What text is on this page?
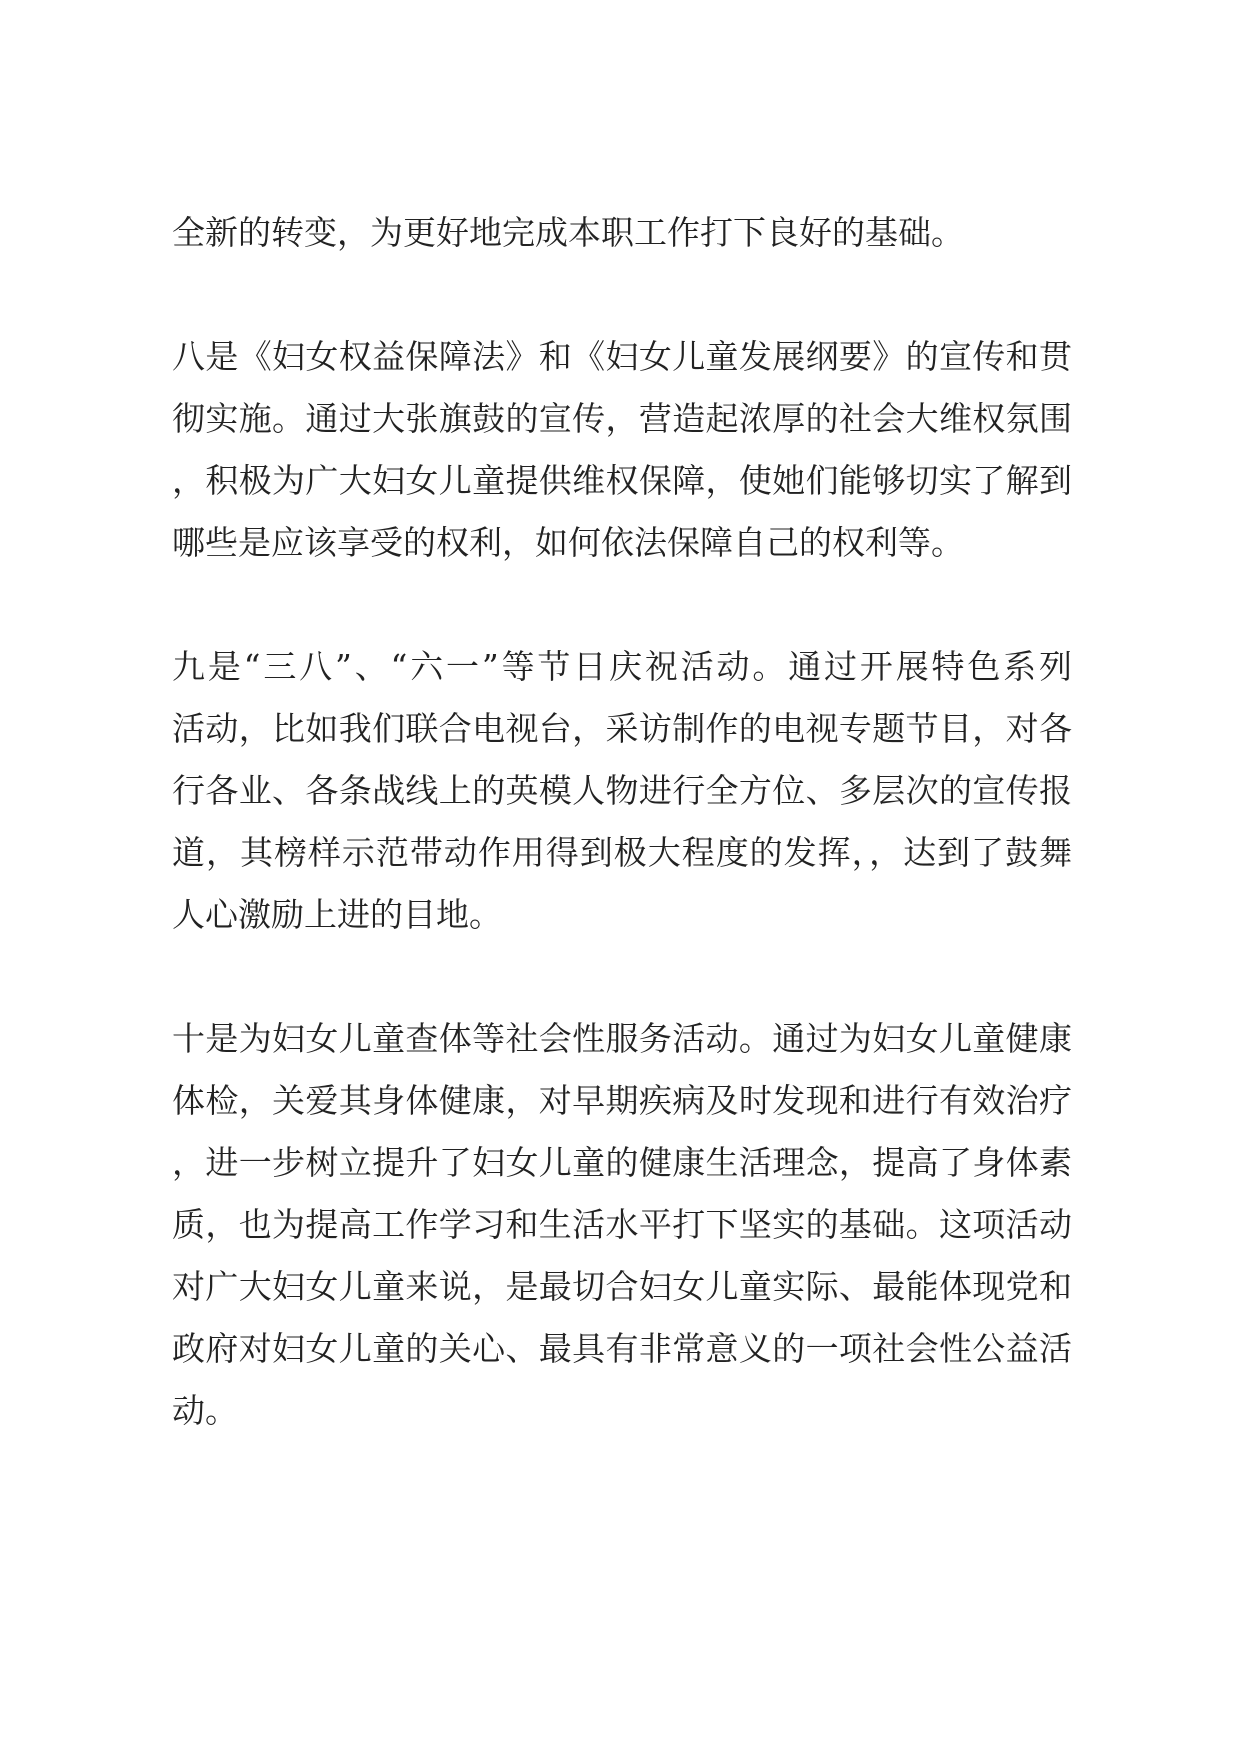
全新的转变，为更好地完成本职工作打下良好的基础。
八是《妇女权益保障法》和《妇女儿童发展纲要》的宣传和贯
彻实施。通过大张旗鼓的宣传，营造起浓厚的社会大维权氛围
，积极为广大妇女儿童提供维权保障，使她们能够切实了解到
哪些是应该享受的权利，如何依法保障自己的权利等。
九是“三八”、“六一”等节日庆祝活动。通过开展特色系列
活动，比如我们联合电视台，采访制作的电视专题节目，对各
行各业、各条战线上的英模人物进行全方位、多层次的宣传报
道，其榜样示范带动作用得到极大程度的发挥，，达到了鼓舞
人心激励上进的目地。
十是为妇女儿童查体等社会性服务活动。通过为妇女儿童健康
体检，关爱其身体健康，对早期疾病及时发现和进行有效治疗
，进一步树立提升了妇女儿童的健康生活理念，提高了身体素
质，也为提高工作学习和生活水平打下坚实的基础。这项活动
对广大妇女儿童来说，是最切合妇女儿童实际、最能体现党和
政府对妇女儿童的关心、最具有非常意义的一项社会性公益活
动。
